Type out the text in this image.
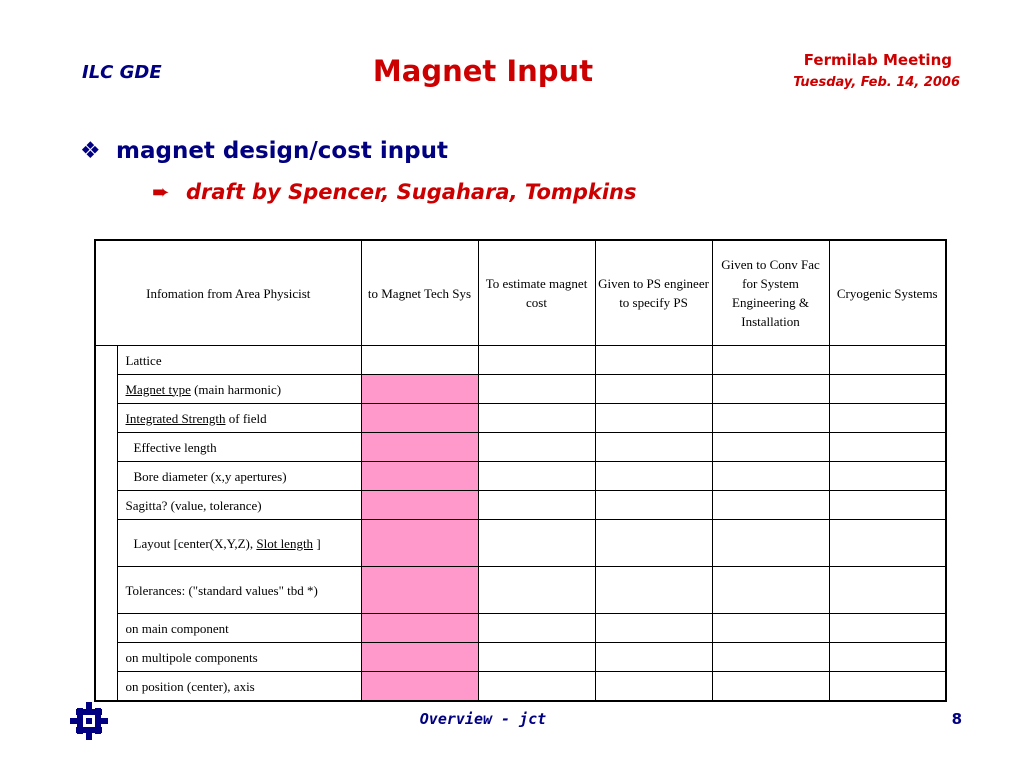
ILC GDE	Magnet Input	Fermilab Meeting
Tuesday, Feb. 14, 2006
❖ magnet design/cost input
➨ draft by Spencer, Sugahara, Tompkins
Infomation from Area Physicist		to Magnet Tech Sys	To estimate magnet cost	Given to PS engineer to specify PS	Given to Conv Fac for System Engineering & Installation	Cryogenic Systems
	Lattice					
	Magnet type (main harmonic)					
	Integrated Strength of field					
	Effective length					
	Bore diameter (x,y apertures)					
	Sagitta? (value, tolerance)					
	Layout [center(X,Y,Z), Slot length ]					
	Tolerances: ("standard values" tbd *)					
	on main component					
	on multipole components					
	on position (center), axis					
Overview - jct	8
